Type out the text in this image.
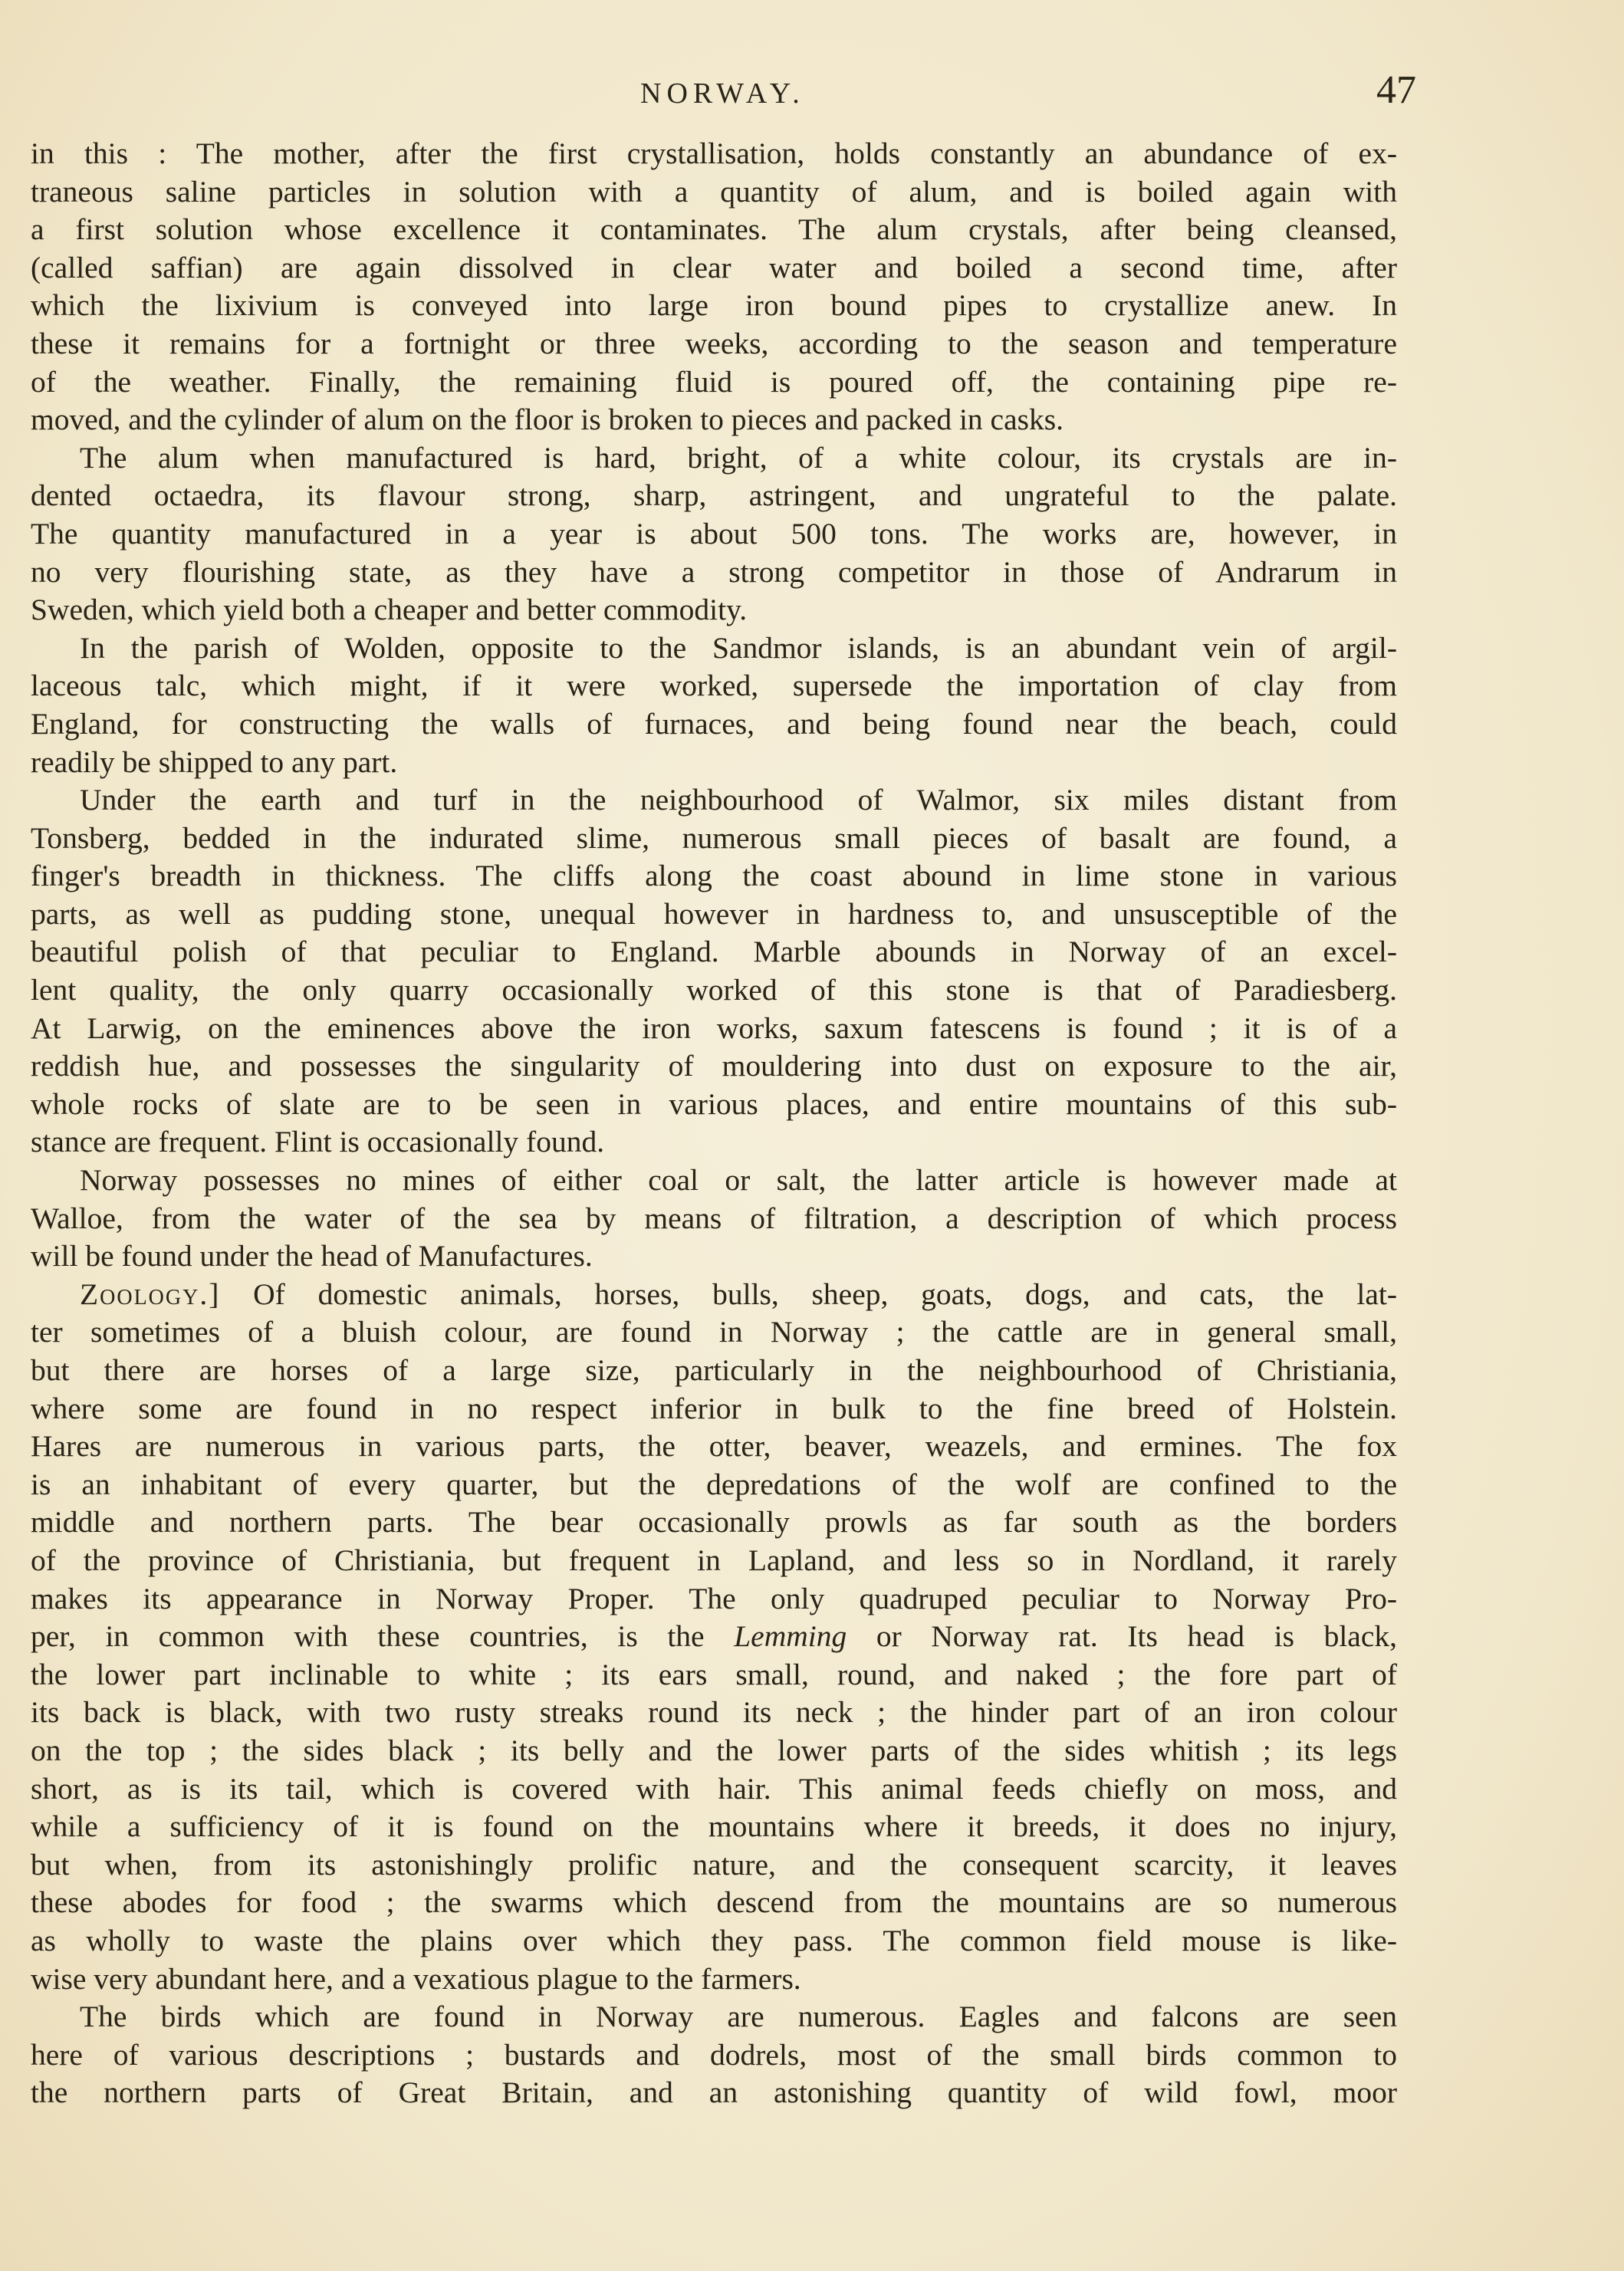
NORWAY.	47
in this : The mother, after the first crystallisation, holds constantly an abundance of ex-
traneous saline particles in solution with a quantity of alum, and is boiled again with
a first solution whose excellence it contaminates. The alum crystals, after being cleansed,
(called saffian) are again dissolved in clear water and boiled a second time, after
which the lixivium is conveyed into large iron bound pipes to crystallize anew. In
these it remains for a fortnight or three weeks, according to the season and temperature
of the weather. Finally, the remaining fluid is poured off, the containing pipe re-
moved, and the cylinder of alum on the floor is broken to pieces and packed in casks.
The alum when manufactured is hard, bright, of a white colour, its crystals are in-
dented octaedra, its flavour strong, sharp, astringent, and ungrateful to the palate.
The quantity manufactured in a year is about 500 tons. The works are, however, in
no very flourishing state, as they have a strong competitor in those of Andrarum in
Sweden, which yield both a cheaper and better commodity.
In the parish of Wolden, opposite to the Sandmor islands, is an abundant vein of argil-
laceous talc, which might, if it were worked, supersede the importation of clay from
England, for constructing the walls of furnaces, and being found near the beach, could
readily be shipped to any part.
Under the earth and turf in the neighbourhood of Walmor, six miles distant from
Tonsberg, bedded in the indurated slime, numerous small pieces of basalt are found, a
finger's breadth in thickness. The cliffs along the coast abound in lime stone in various
parts, as well as pudding stone, unequal however in hardness to, and unsusceptible of the
beautiful polish of that peculiar to England. Marble abounds in Norway of an excel-
lent quality, the only quarry occasionally worked of this stone is that of Paradiesberg.
At Larwig, on the eminences above the iron works, saxum fatescens is found ; it is of a
reddish hue, and possesses the singularity of mouldering into dust on exposure to the air,
whole rocks of slate are to be seen in various places, and entire mountains of this sub-
stance are frequent. Flint is occasionally found.
Norway possesses no mines of either coal or salt, the latter article is however made at
Walloe, from the water of the sea by means of filtration, a description of which process
will be found under the head of Manufactures.
Zoology.] Of domestic animals, horses, bulls, sheep, goats, dogs, and cats, the lat-
ter sometimes of a bluish colour, are found in Norway ; the cattle are in general small,
but there are horses of a large size, particularly in the neighbourhood of Christiania,
where some are found in no respect inferior in bulk to the fine breed of Holstein.
Hares are numerous in various parts, the otter, beaver, weazels, and ermines. The fox
is an inhabitant of every quarter, but the depredations of the wolf are confined to the
middle and northern parts. The bear occasionally prowls as far south as the borders
of the province of Christiania, but frequent in Lapland, and less so in Nordland, it rarely
makes its appearance in Norway Proper. The only quadruped peculiar to Norway Pro-
per, in common with these countries, is the Lemming or Norway rat. Its head is black,
the lower part inclinable to white ; its ears small, round, and naked ; the fore part of
its back is black, with two rusty streaks round its neck ; the hinder part of an iron colour
on the top ; the sides black ; its belly and the lower parts of the sides whitish ; its legs
short, as is its tail, which is covered with hair. This animal feeds chiefly on moss, and
while a sufficiency of it is found on the mountains where it breeds, it does no injury,
but when, from its astonishingly prolific nature, and the consequent scarcity, it leaves
these abodes for food ; the swarms which descend from the mountains are so numerous
as wholly to waste the plains over which they pass. The common field mouse is like-
wise very abundant here, and a vexatious plague to the farmers.
The birds which are found in Norway are numerous. Eagles and falcons are seen
here of various descriptions ; bustards and dodrels, most of the small birds common to
the northern parts of Great Britain, and an astonishing quantity of wild fowl, moor
